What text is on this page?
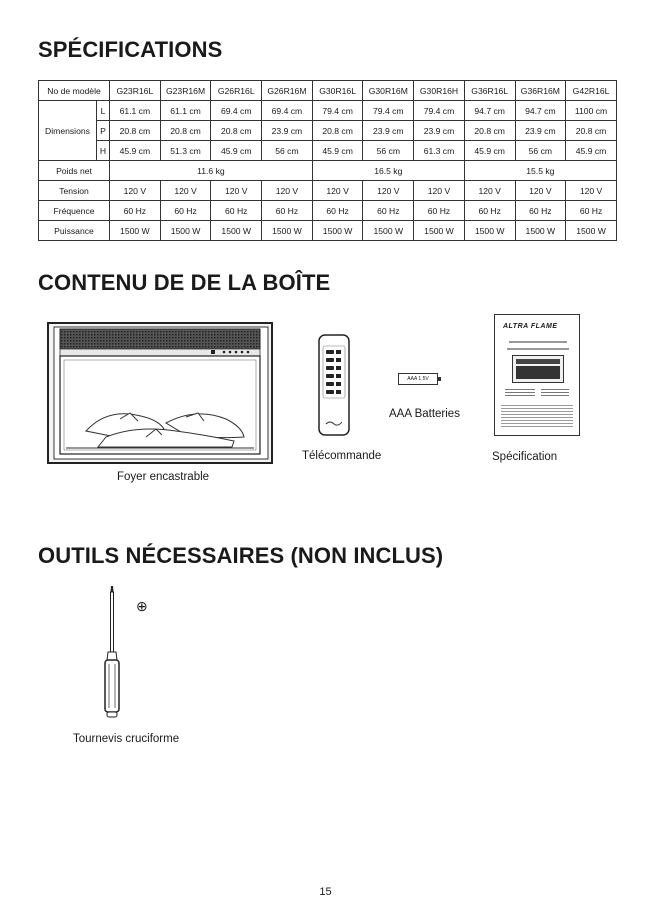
SPÉCIFICATIONS
No de modèle		G23R16L	G23R16M	G26R16L	G26R16M	G30R16L	G30R16M	G30R16H	G36R16L	G36R16M	G42R16L
Dimensions	L	61.1 cm	61.1 cm	69.4 cm	69.4 cm	79.4 cm	79.4 cm	79.4 cm	94.7 cm	94.7 cm	1100 cm
	P	20.8 cm	20.8 cm	20.8 cm	23.9 cm	20.8 cm	23.9 cm	23.9 cm	20.8 cm	23.9 cm	20.8 cm
	H	45.9 cm	51.3 cm	45.9 cm	56 cm	45.9 cm	56 cm	61.3 cm	45.9 cm	56 cm	45.9 cm
Poids net		11.6 kg				16.5 kg			15.5 kg		
Tension		120 V	120 V	120 V	120 V	120 V	120 V	120 V	120 V	120 V	120 V
Fréquence		60 Hz	60 Hz	60 Hz	60 Hz	60 Hz	60 Hz	60 Hz	60 Hz	60 Hz	60 Hz
Puissance		1500 W	1500 W	1500 W	1500 W	1500 W	1500 W	1500 W	1500 W	1500 W	1500 W
CONTENU DE DE LA BOÎTE
Foyer encastrable
Télécommande
AAA 1.5V
AAA Batteries
ALTRA FLAME
Spécification
OUTILS NÉCESSAIRES (NON INCLUS)
⊕
Tournevis cruciforme
15
